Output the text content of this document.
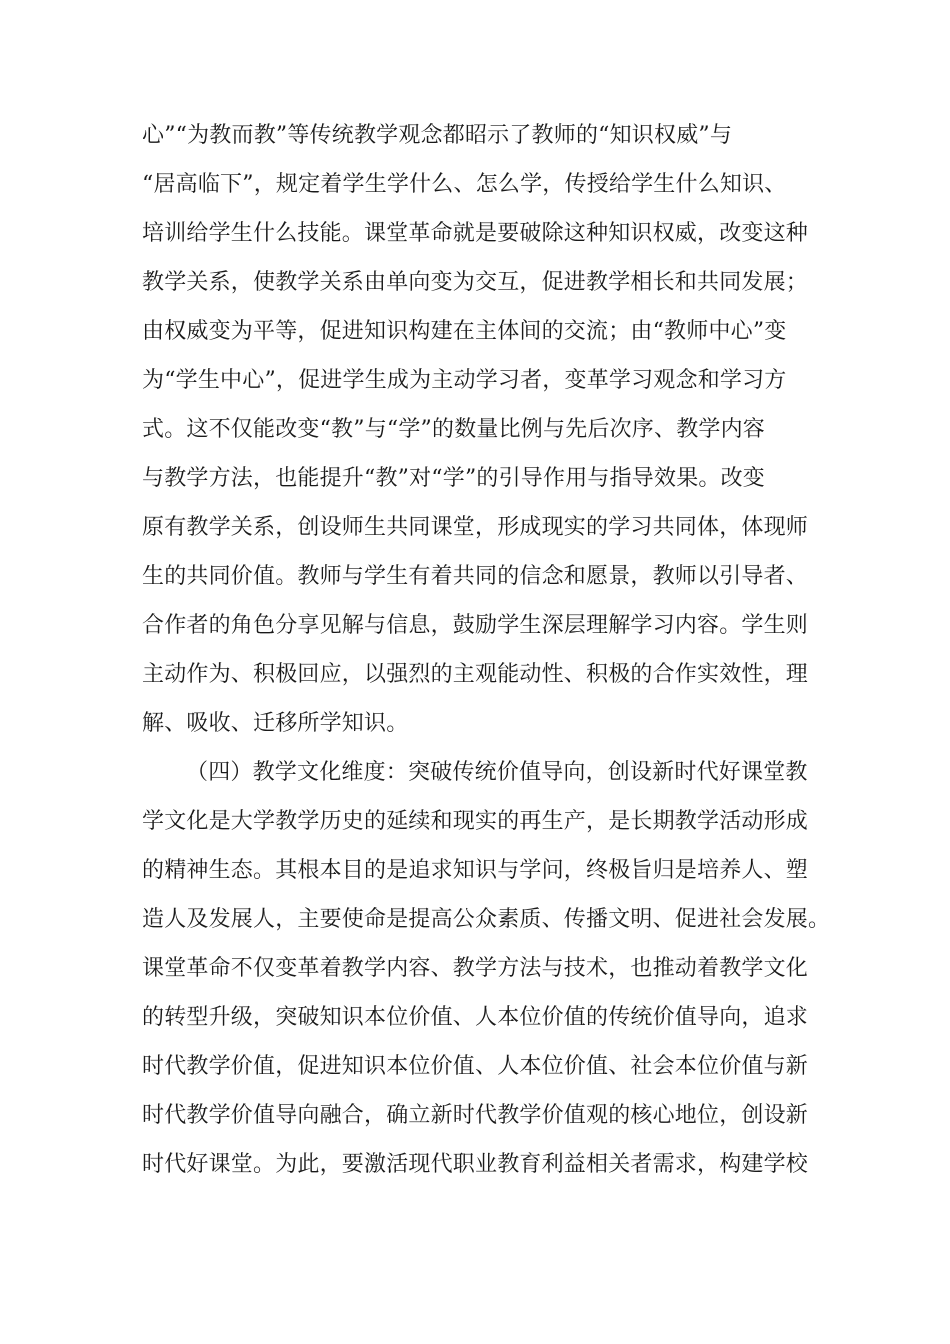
心”“为教而教”等传统教学观念都昭示了教师的“知识权威”与
“居高临下”，规定着学生学什么、怎么学，传授给学生什么知识、
培训给学生什么技能。课堂革命就是要破除这种知识权威，改变这种
教学关系，使教学关系由单向变为交互，促进教学相长和共同发展；
由权威变为平等，促进知识构建在主体间的交流；由“教师中心”变
为“学生中心”，促进学生成为主动学习者，变革学习观念和学习方
式。这不仅能改变“教”与“学”的数量比例与先后次序、教学内容
与教学方法，也能提升“教”对“学”的引导作用与指导效果。改变
原有教学关系，创设师生共同课堂，形成现实的学习共同体，体现师
生的共同价值。教师与学生有着共同的信念和愿景，教师以引导者、
合作者的角色分享见解与信息，鼓励学生深层理解学习内容。学生则
主动作为、积极回应，以强烈的主观能动性、积极的合作实效性，理
解、吸收、迁移所学知识。
（四）教学文化维度：突破传统价值导向，创设新时代好课堂教
学文化是大学教学历史的延续和现实的再生产，是长期教学活动形成
的精神生态。其根本目的是追求知识与学问，终极旨归是培养人、塑
造人及发展人，主要使命是提高公众素质、传播文明、促进社会发展。
课堂革命不仅变革着教学内容、教学方法与技术，也推动着教学文化
的转型升级，突破知识本位价值、人本位价值的传统价值导向，追求
时代教学价值，促进知识本位价值、人本位价值、社会本位价值与新
时代教学价值导向融合，确立新时代教学价值观的核心地位，创设新
时代好课堂。为此，要激活现代职业教育利益相关者需求，构建学校
